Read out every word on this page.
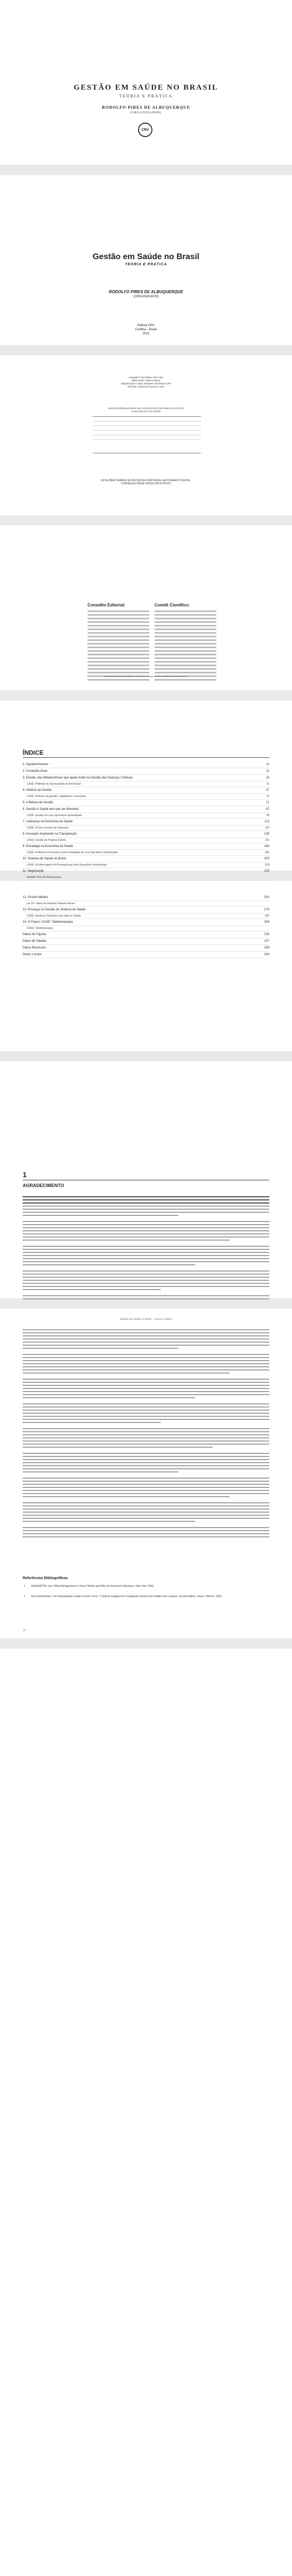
GESTÃO EM SAÚDE NO BRASIL
TEORIA E PRÁTICA
RODOLFO PIRES DE ALBUQUERQUE
(ORGANIZADOR)
CRV
Gestão em Saúde no Brasil
TEORIA E PRÁTICA
RODOLFO PIRES DE ALBUQUERQUE
(ORGANIZADOR)
Editora CRV
Curitiba – Brasil
2022
Copyright © da Editora CRV Ltda.
Editor-chefe: Railson Moura
Diagramação e Capa: Designers da Editora CRV
Revisão: Analista de Escrita e Artes
DADOS INTERNACIONAIS DE CATALOGAÇÃO NA PUBLICAÇÃO (CIP)
CATALOGAÇÃO NA FONTE
ESTA OBRA TAMBÉM SE ENCONTRA DISPONÍVEL EM FORMATO DIGITAL.
CONHEÇA E BAIXE NOSSO APLICATIVO!
Conselho Editorial:	Comitê Científico:
Este livro passou por avaliação e aprovação às cegas de dois ou mais pareceristas ad hoc.
ÍNDICE
1. Agradecimentos	11
2. Conteúdo Atual	11
3. Estudo, das Metamorfoses que ajuda muito na Gestão das Doenças Crônicas	23
CASE: Pirâmide de Necessidade de Bem-Estar	31
4. História da Gestão	47
CASE: Histórico da gestão: Capitalismo Consciente	57
5. A Beleza da Gestão	71
6. Gestão e Saúde tem que ser diferente	87
CASE: Gestão em uma Operadora Verticalizada	99
7. Liderança na Economia da Saúde	113
CASE: Jô tem coração de Liderança	125
8. Inovação inspirando na Transpiração	139
CASE: Gestão de Projetos Estrela	151
9. Estratégia na Economia da Saúde	169
CASE: A Melhoria Financeira Como Estratégia de uma Operadora Verticalizada	181
10. Sistema de Saúde no Brasil	205
CASE: A Enfermagem de Promoção por uma Operadora Verticalizada	219
11. Negociação	233
Rodolfo Pires de Albuquerque
12. Ensino Médico	263
por Drª. Maria da Paixeiral Teixeira Nunes
13. Pirunaça no Gestão do Sistema de Saúde	279
CASE: Gestores Populares que valer as Saúde	291
14. O Futuro: CASE: Telefarmacopia	309
CASE: Telefarmacopia
Índice de Figuras	335
Índice de Tabelas	337
Índice Remissivo	339
Sobre o Autor	343
1
AGRADECIMENTO
Gestão em Saúde no Brasil – Teoria e Prática
Referências Bibliográficas
1 TANGERTTN, nnn: What Management Is: How It Works and Why It's Everyone's Business. New York, 2002.
2 Tony Zimmerman, The Humanitarian Leader in Each of Us: 7 Choices Insights from Complexity Science for Health Care Leaders. Second edition. Texas: VHA Inc. 2001.
12
